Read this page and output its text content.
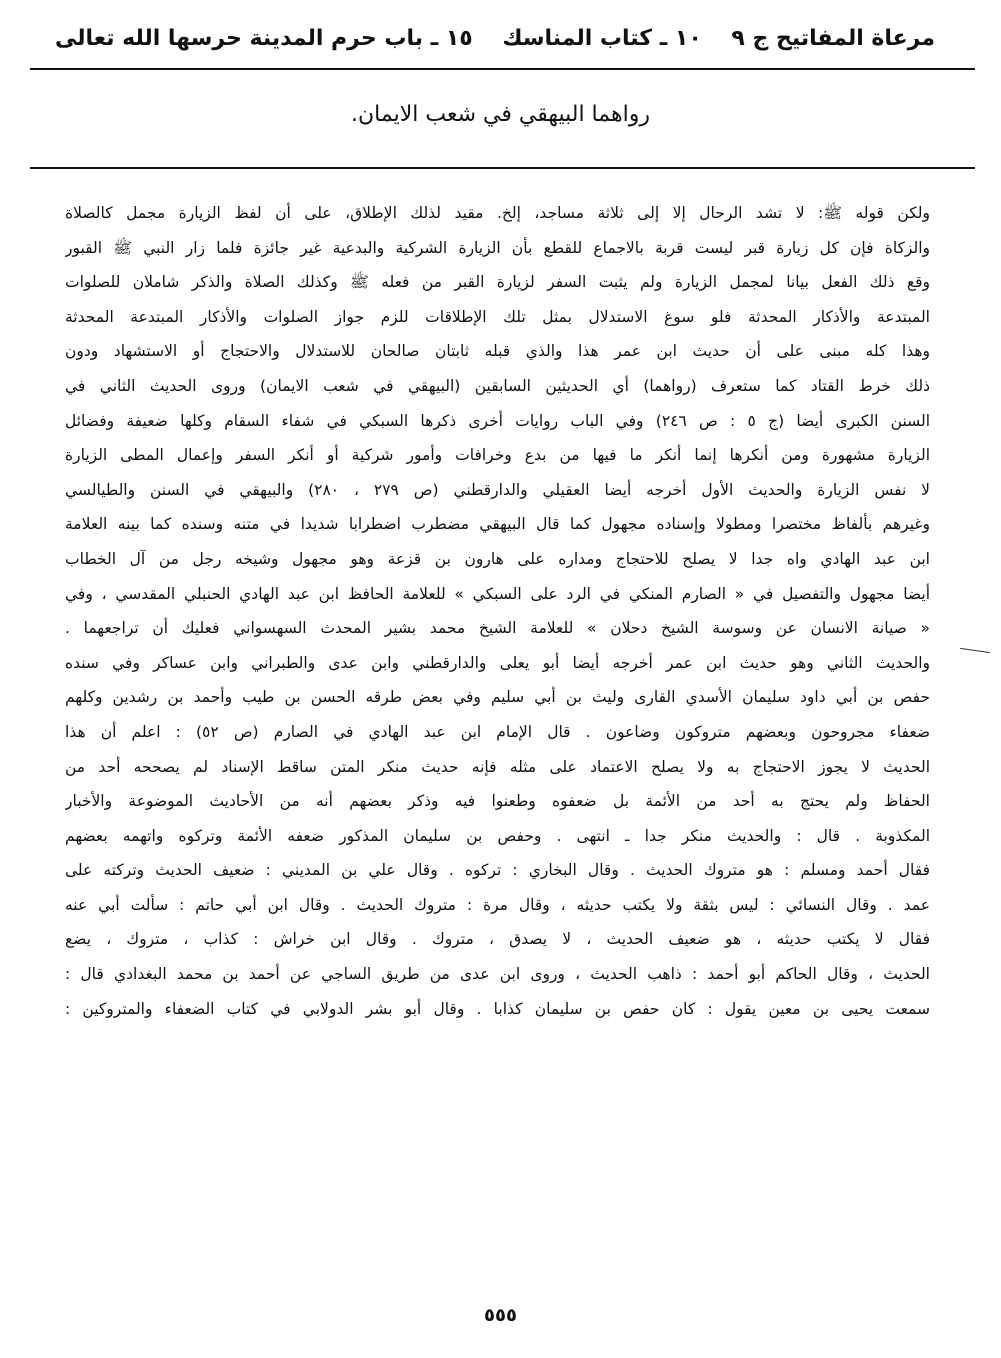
مرعاة المفاتيح ج ٩
١٠ ـ كتاب المناسك
١٥ ـ باب حرم المدينة حرسها الله تعالى
رواهما البيهقي في شعب الايمان.
ولكن قوله ﷺ: لا تشد الرحال إلا إلى ثلاثة مساجد، إلخ. مقيد لذلك الإطلاق، على أن لفظ الزيارة مجمل كالصلاة
والزكاة فإن كل زيارة قبر ليست قربة بالاجماع للقطع بأن الزيارة الشركية والبدعية غير جائزة فلما زار النبي ﷺ القبور
وقع ذلك الفعل بيانا لمجمل الزيارة ولم يثبت السفر لزيارة القبر من فعله ﷺ وكذلك الصلاة والذكر شاملان للصلوات
المبتدعة والأذكار المحدثة فلو سوغ الاستدلال بمثل تلك الإطلاقات للزم جواز الصلوات والأذكار المبتدعة المحدثة
وهذا كله مبنى على أن حديث ابن عمر هذا والذي قبله ثابتان صالحان للاستدلال والاحتجاج أو الاستشهاد ودون
ذلك خرط القتاد كما ستعرف (رواهما) أي الحديثين السابقين (البيهقي في شعب الايمان) وروى الحديث الثاني في
السنن الكبرى أيضا (ج ٥ : ص ٢٤٦) وفي الباب روايات أخرى ذكرها السبكي في شفاء السقام وكلها ضعيفة وفضائل
الزيارة مشهورة ومن أنكرها إنما أنكر ما فيها من بدع وخرافات وأمور شركية أو أنكر السفر وإعمال المطى الزيارة
لا نفس الزيارة والحديث الأول أخرجه أيضا العقيلي والدارقطني (ص ٢٧٩ ، ٢٨٠) والبيهقي في السنن والطيالسي
وغيرهم بألفاظ مختصرا ومطولا وإسناده مجهول كما قال البيهقي مضطرب اضطرابا شديدا في متنه وسنده كما بينه العلامة
ابن عبد الهادي واه جدا لا يصلح للاحتجاج ومداره على هارون بن قزعة وهو مجهول وشيخه رجل من آل الخطاب
أيضا مجهول والتفصيل في « الصارم المنكي في الرد على السبكي » للعلامة الحافظ ابن عبد الهادي الحنبلي المقدسي ، وفي
« صيانة الانسان عن وسوسة الشيخ دحلان » للعلامة الشيخ محمد بشير المحدث السهسواني فعليك أن تراجعهما .
والحديث الثاني وهو حديث ابن عمر أخرجه أيضا أبو يعلى والدارقطني وابن عدى والطبراني وابن عساكر وفي سنده
حفص بن أبي داود سليمان الأسدي القارى وليث بن أبي سليم وفي بعض طرقه الحسن بن طيب وأحمد بن رشدين وكلهم
ضعفاء مجروحون وبعضهم متروكون وضاعون . قال الإمام ابن عبد الهادي في الصارم (ص ٥٢) : اعلم أن هذا
الحديث لا يجوز الاحتجاج به ولا يصلح الاعتماد على مثله فإنه حديث منكر المتن ساقط الإسناد لم يصححه أحد من
الحفاظ ولم يحتج به أحد من الأئمة بل ضعفوه وطعنوا فيه وذكر بعضهم أنه من الأحاديث الموضوعة والأخبار
المكذوبة . قال : والحديث منكر جدا ـ انتهى . وحفص بن سليمان المذكور ضعفه الأئمة وتركوه واتهمه بعضهم
فقال أحمد ومسلم : هو متروك الحديث . وقال البخاري : تركوه . وقال علي بن المديني : ضعيف الحديث وتركته على
عمد . وقال النسائي : ليس بثقة ولا يكتب حديثه ، وقال مرة : متروك الحديث . وقال ابن أبي حاتم : سألت أبي عنه
فقال لا يكتب حديثه ، هو ضعيف الحديث ، لا يصدق ، متروك . وقال ابن خراش : كذاب ، متروك ، يضع
الحديث ، وقال الحاكم أبو أحمد : ذاهب الحديث ، وروى ابن عدى من طريق الساجي عن أحمد بن محمد البغدادي قال :
سمعت يحيى بن معين يقول : كان حفص بن سليمان كذابا . وقال أبو بشر الدولابي في كتاب الضعفاء والمتروكين :
٥٥٥
